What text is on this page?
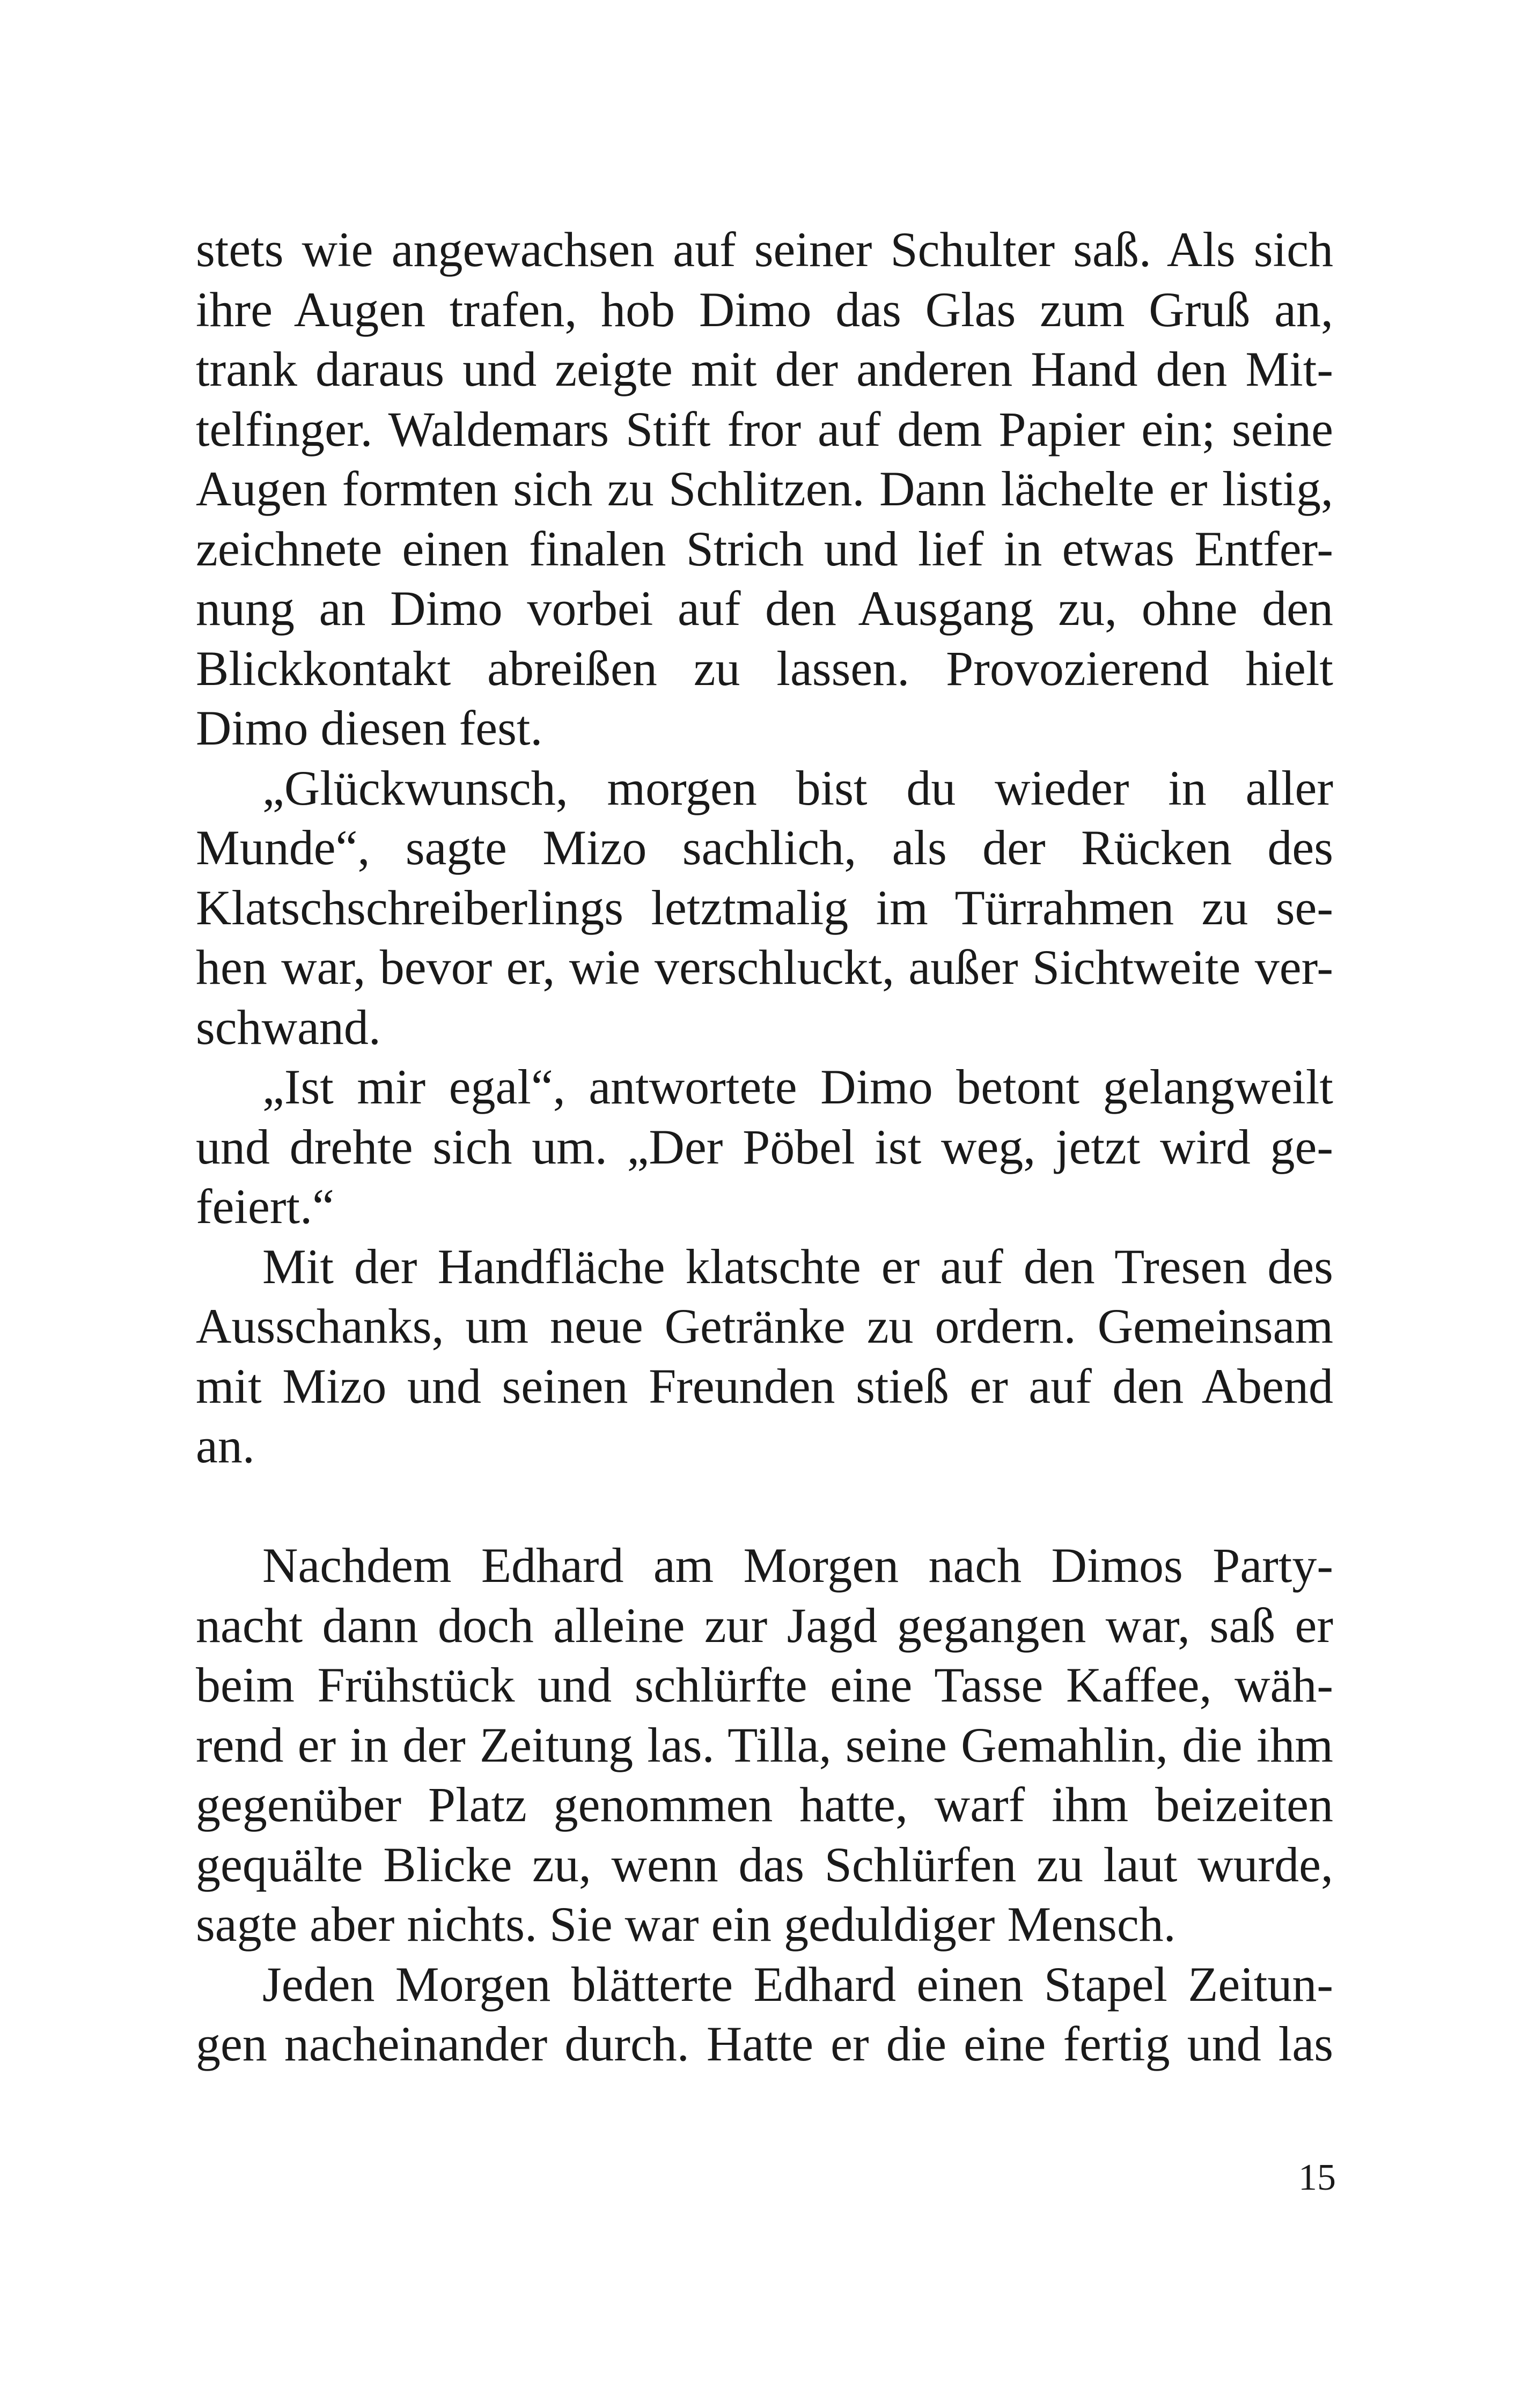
stets wie angewachsen auf seiner Schulter saß. Als sich
ihre Augen trafen, hob Dimo das Glas zum Gruß an,
trank daraus und zeigte mit der anderen Hand den Mit-
telfinger. Waldemars Stift fror auf dem Papier ein; seine
Augen formten sich zu Schlitzen. Dann lächelte er listig,
zeichnete einen finalen Strich und lief in etwas Entfer-
nung an Dimo vorbei auf den Ausgang zu, ohne den
Blickkontakt abreißen zu lassen. Provozierend hielt
Dimo diesen fest.
„Glückwunsch, morgen bist du wieder in aller
Munde“, sagte Mizo sachlich, als der Rücken des
Klatschschreiberlings letztmalig im Türrahmen zu se-
hen war, bevor er, wie verschluckt, außer Sichtweite ver-
schwand.
„Ist mir egal“, antwortete Dimo betont gelangweilt
und drehte sich um. „Der Pöbel ist weg, jetzt wird ge-
feiert.“
Mit der Handfläche klatschte er auf den Tresen des
Ausschanks, um neue Getränke zu ordern. Gemeinsam
mit Mizo und seinen Freunden stieß er auf den Abend
an.
Nachdem Edhard am Morgen nach Dimos Party-
nacht dann doch alleine zur Jagd gegangen war, saß er
beim Frühstück und schlürfte eine Tasse Kaffee, wäh-
rend er in der Zeitung las. Tilla, seine Gemahlin, die ihm
gegenüber Platz genommen hatte, warf ihm beizeiten
gequälte Blicke zu, wenn das Schlürfen zu laut wurde,
sagte aber nichts. Sie war ein geduldiger Mensch.
Jeden Morgen blätterte Edhard einen Stapel Zeitun-
gen nacheinander durch. Hatte er die eine fertig und las
15
